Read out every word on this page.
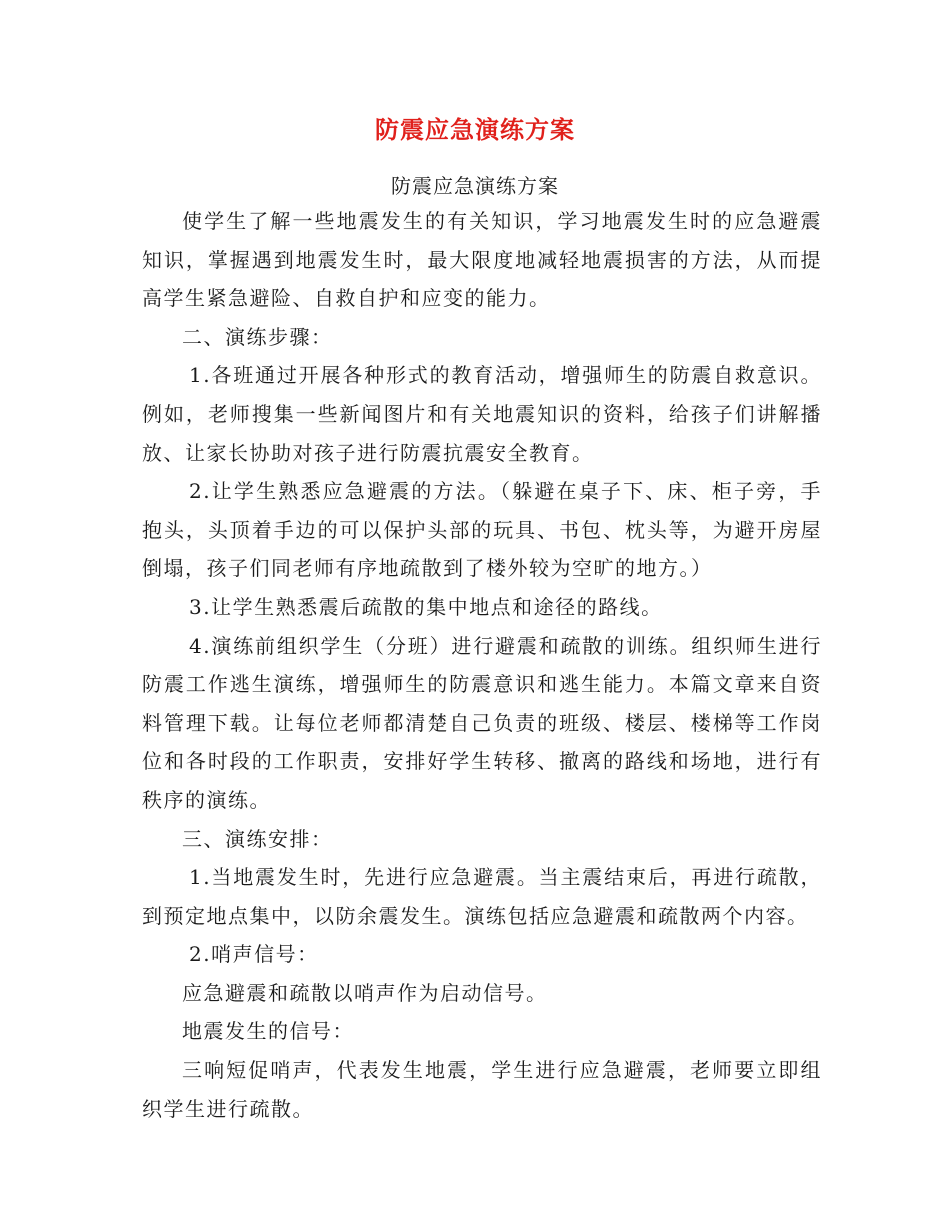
防震应急演练方案
防震应急演练方案

使学生了解一些地震发生的有关知识，学习地震发生时的应急避震知识，掌握遇到地震发生时，最大限度地减轻地震损害的方法，从而提高学生紧急避险、自救自护和应变的能力。

二、演练步骤：

1.各班通过开展各种形式的教育活动，增强师生的防震自救意识。例如，老师搜集一些新闻图片和有关地震知识的资料，给孩子们讲解播放、让家长协助对孩子进行防震抗震安全教育。

2.让学生熟悉应急避震的方法。（躲避在桌子下、床、柜子旁，手抱头，头顶着手边的可以保护头部的玩具、书包、枕头等，为避开房屋倒塌，孩子们同老师有序地疏散到了楼外较为空旷的地方。）

3.让学生熟悉震后疏散的集中地点和途径的路线。

4.演练前组织学生（分班）进行避震和疏散的训练。组织师生进行防震工作逃生演练，增强师生的防震意识和逃生能力。本篇文章来自资料管理下载。让每位老师都清楚自己负责的班级、楼层、楼梯等工作岗位和各时段的工作职责，安排好学生转移、撤离的路线和场地，进行有秩序的演练。

三、演练安排：

1.当地震发生时，先进行应急避震。当主震结束后，再进行疏散，到预定地点集中，以防余震发生。演练包括应急避震和疏散两个内容。

2.哨声信号：

应急避震和疏散以哨声作为启动信号。

地震发生的信号：

三响短促哨声，代表发生地震，学生进行应急避震，老师要立即组织学生进行疏散。
